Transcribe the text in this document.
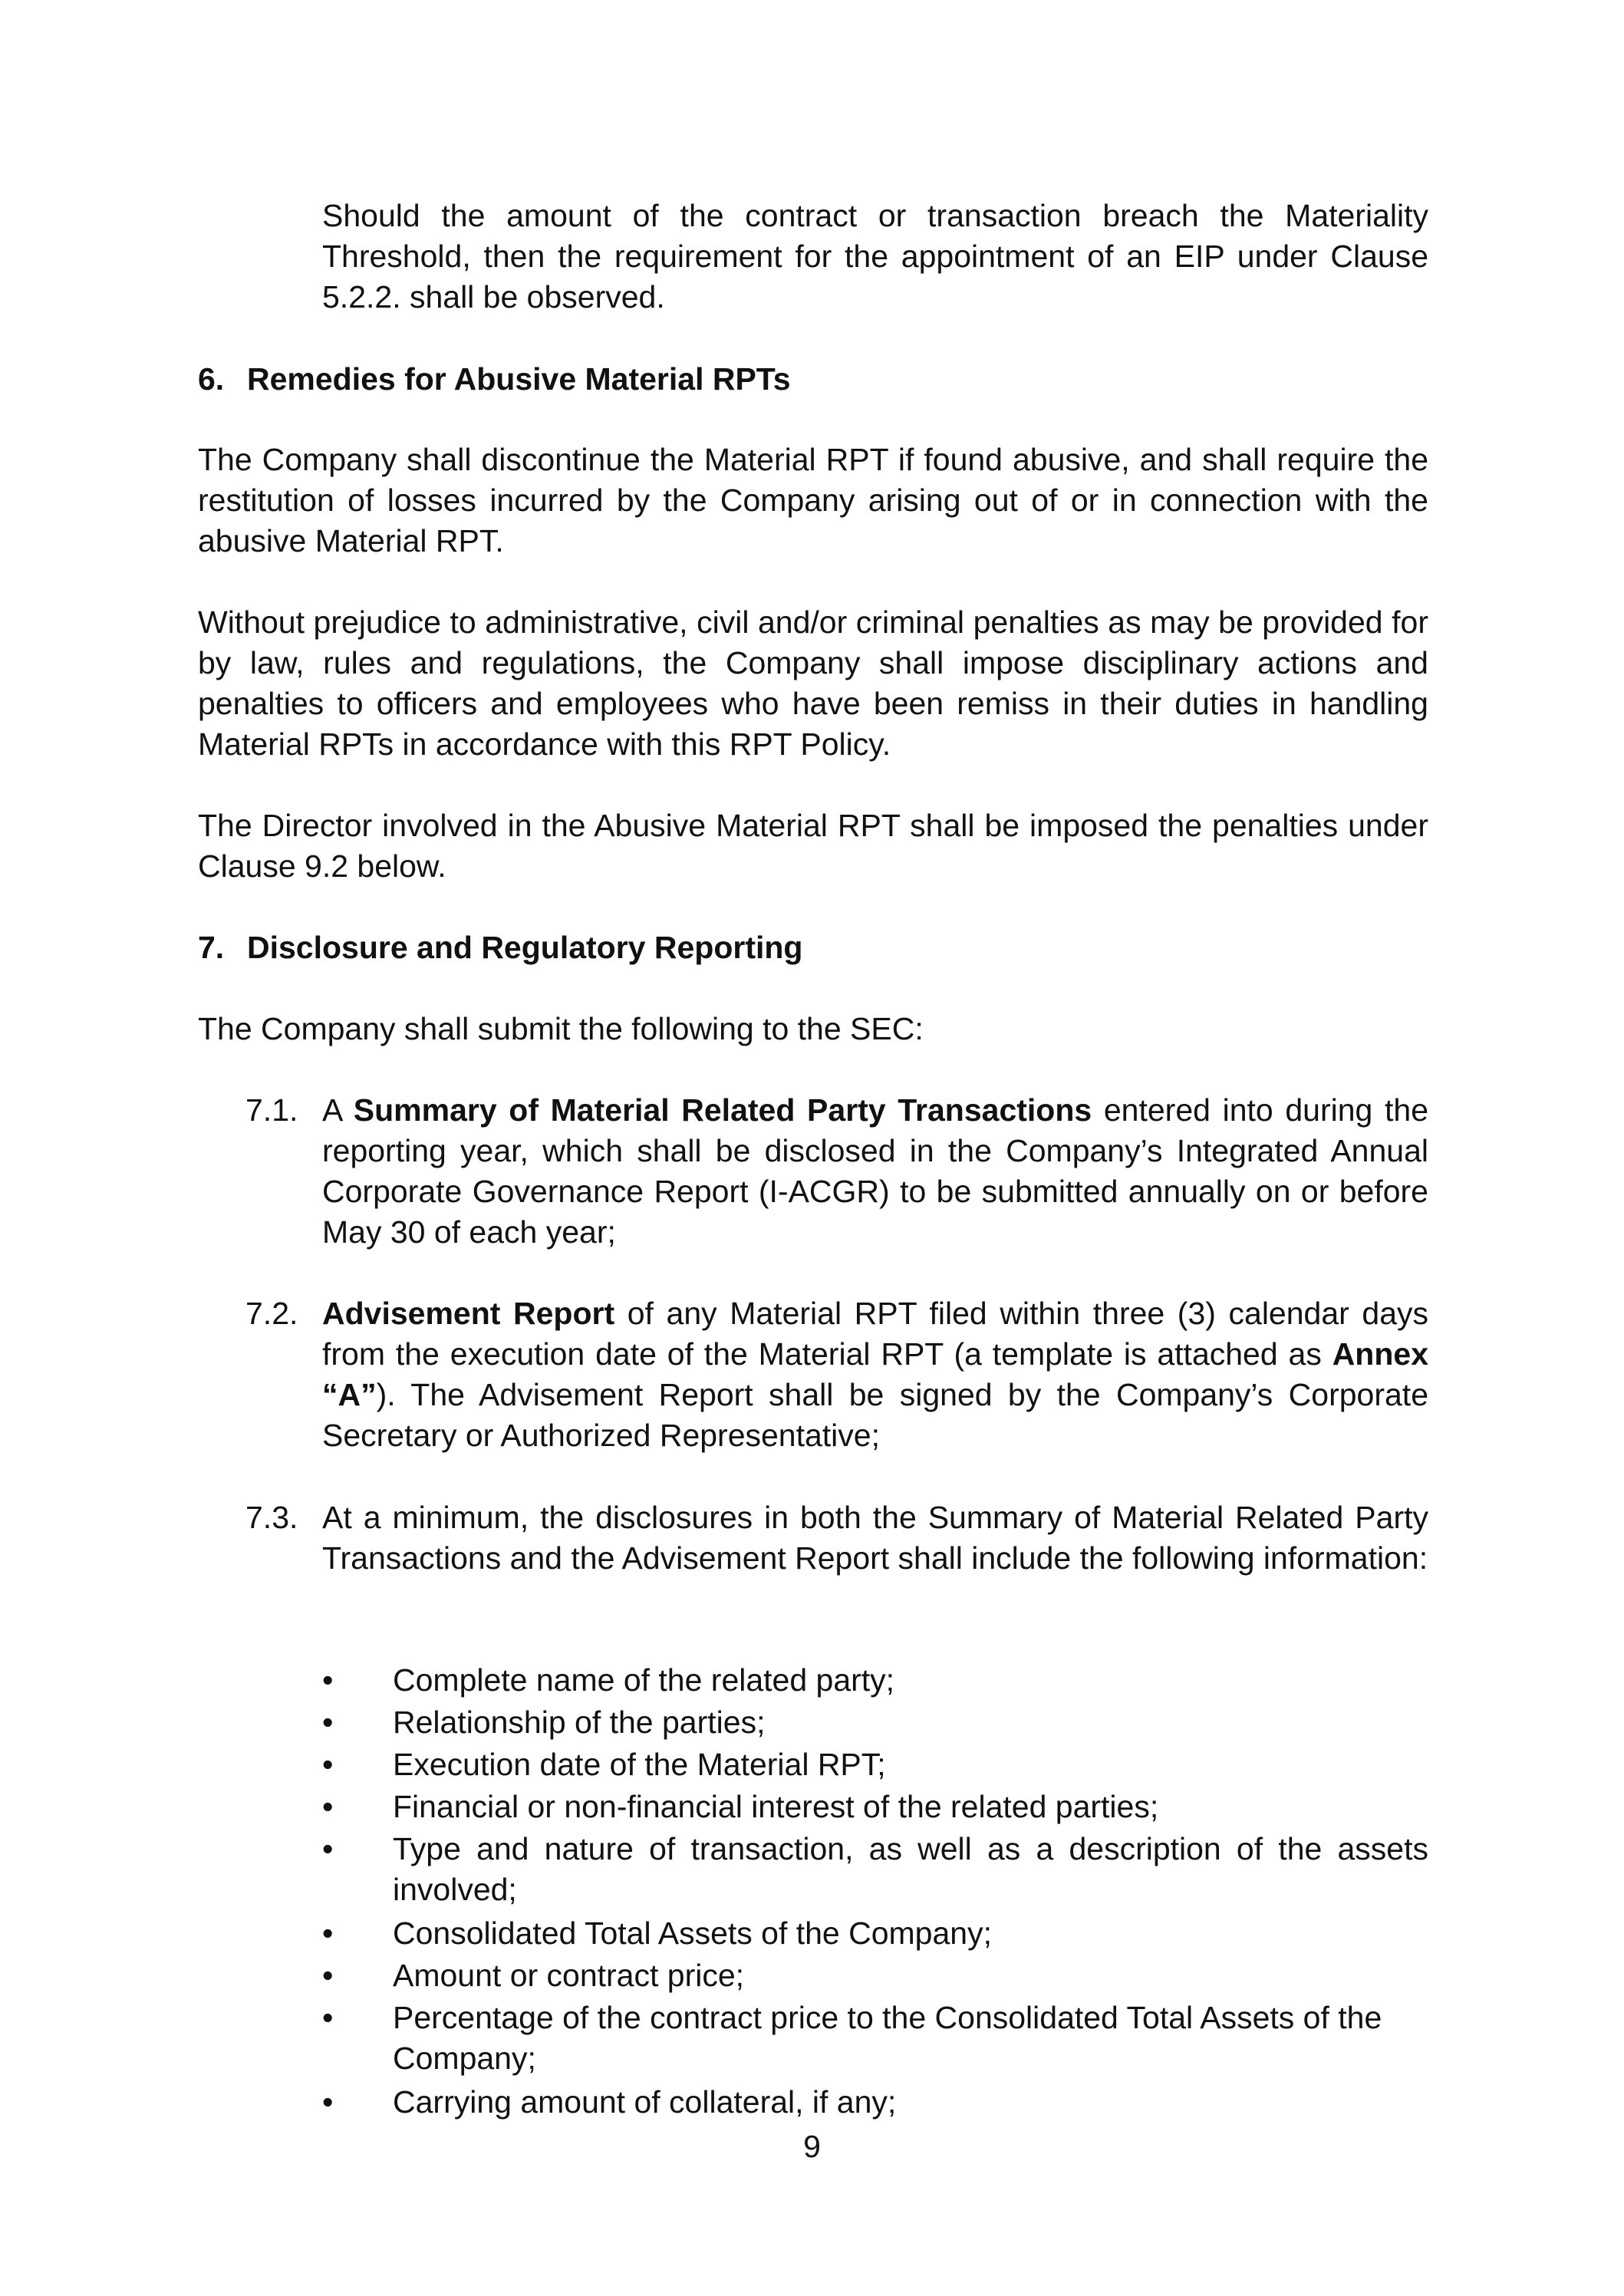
Should the amount of the contract or transaction breach the Materiality Threshold, then the requirement for the appointment of an EIP under Clause 5.2.2. shall be observed.
6. Remedies for Abusive Material RPTs
The Company shall discontinue the Material RPT if found abusive, and shall require the restitution of losses incurred by the Company arising out of or in connection with the abusive Material RPT.
Without prejudice to administrative, civil and/or criminal penalties as may be provided for by law, rules and regulations, the Company shall impose disciplinary actions and penalties to officers and employees who have been remiss in their duties in handling Material RPTs in accordance with this RPT Policy.
The Director involved in the Abusive Material RPT shall be imposed the penalties under Clause 9.2 below.
7. Disclosure and Regulatory Reporting
The Company shall submit the following to the SEC:
7.1. A Summary of Material Related Party Transactions entered into during the reporting year, which shall be disclosed in the Company’s Integrated Annual Corporate Governance Report (I-ACGR) to be submitted annually on or before May 30 of each year;
7.2. Advisement Report of any Material RPT filed within three (3) calendar days from the execution date of the Material RPT (a template is attached as Annex “A”). The Advisement Report shall be signed by the Company’s Corporate Secretary or Authorized Representative;
7.3. At a minimum, the disclosures in both the Summary of Material Related Party Transactions and the Advisement Report shall include the following information:
Complete name of the related party;
Relationship of the parties;
Execution date of the Material RPT;
Financial or non-financial interest of the related parties;
Type and nature of transaction, as well as a description of the assets involved;
Consolidated Total Assets of the Company;
Amount or contract price;
Percentage of the contract price to the Consolidated Total Assets of the Company;
Carrying amount of collateral, if any;
9
